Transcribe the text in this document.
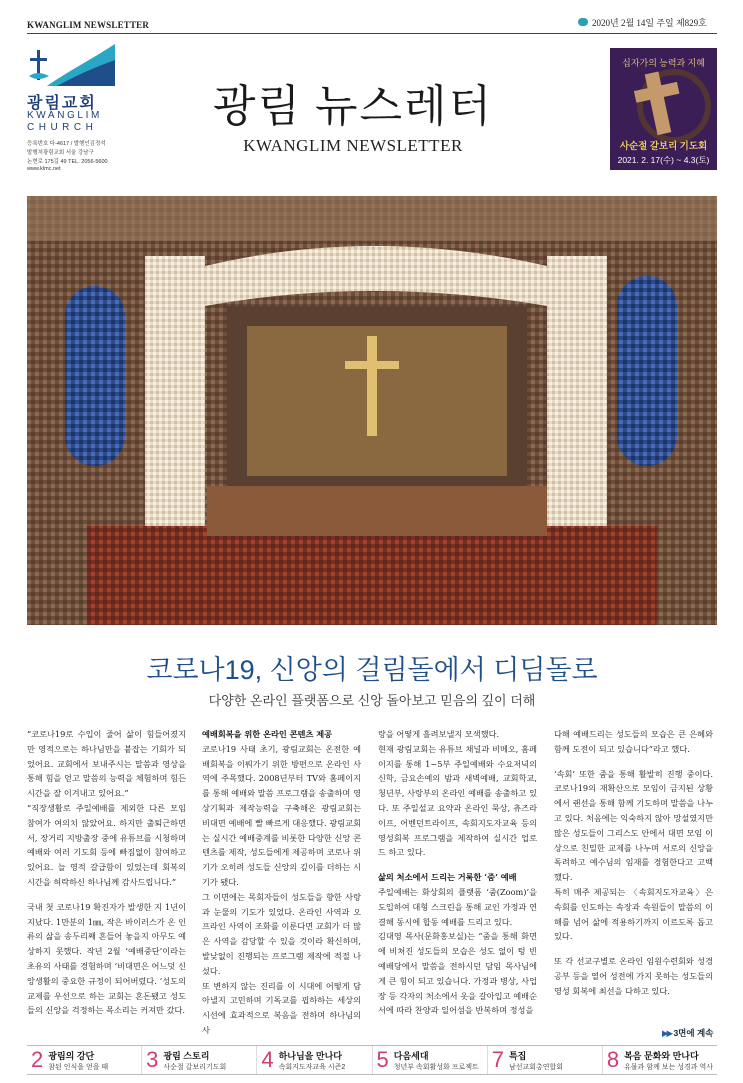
KWANGLIM NEWSLETTER	2020년 2월 14일 주일 제829호
광림교회
KWANGLIM
CHURCH
등록번호 다-4617 / 발행인김정석
발행처광림교회 서울 강남구
논현로 175길 49 TEL. 2056-5600
www.klmc.net
광림 뉴스레터
KWANGLIM NEWSLETTER
십자가의 능력과 지혜
사순절 갈보리 기도회
2021. 2. 17(수) ~ 4.3(토)
코로나19, 신앙의 걸림돌에서 디딤돌로
다양한 온라인 플랫폼으로 신앙 돌아보고 믿음의 깊이 더해

“코로나19로 수입이 줄어 삶이 힘들어졌지만 영적으로는 하나님만을 붙잡는 기회가 되었어요. 교회에서 보내주시는 말씀과 영상을 통해 힘을 얻고 말씀의 능력을 체험하며 힘든 시간을 잘 이겨내고 있어요.”

“직장생활로 주일예배를 제외한 다른 모임 참여가 여의치 않았어요. 하지만 출퇴근하면서, 장거리 지방출장 중에 유튜브를 시청하며 예배와 여러 기도회 등에 빠짐없이 참여하고 있어요. 늘 영적 갈급함이 있었는데 회복의 시간을 허락하신 하나님께 감사드립니다.”

국내 첫 코로나19 확진자가 발생한 지 1년이 지났다. 1만분의 1㎜, 작은 바이러스가 온 인류의 삶을 송두리째 흔들어 놓을지 아무도 예상하지 못했다. 작년 2월 ‘예배중단’이라는 초유의 사태를 경험하며 ‘비대면은 어느덧 신앙생활의 중요한 규정이 되어버렸다. ‘성도의 교제를 우선으로 하는 교회는 혼돈됐고 성도들의 신앙을 걱정하는 목소리는 커져만 갔다.

예배회복을 위한 온라인 콘텐츠 제공

코로나19 사태 초기, 광림교회는 온전한 예배회복을 이뤄가기 위한 방편으로 온라인 사역에 주목했다. 2008년부터 TV와 홈페이지를 통해 예배와 말씀 프로그램을 송출하며 영상기획과 제작능력을 구축해온 광림교회는 비대면 예배에 빨 빠르게 대응했다. 광림교회는 실시간 예배중계를 비롯한 다양한 신앙 콘텐츠를 제작, 성도들에게 제공하며 코로나 위기가 오히려 성도들 신앙의 깊이를 더하는 시기가 됐다.

그 이면에는 목회자들이 성도들을 향한 사랑과 눈물의 기도가 있었다. 온라인 사역과 오프라인 사역이 조화를 이룬다면 교회가 더 많은 사역을 감당할 수 있을 것이라 확신하며, 발낮없이 진행되는 프로그램 제작에 적절 나섰다.

또 변하지 않는 진리를 이 시대에 어떻게 담아낼지 고민하며 기독교를 핍하하는 세상의 시선에 효과적으로 복음을 전하며 하나님의 사

랑을 어떻게 흘려보낼지 모색했다.

현재 광림교회는 유튜브 채널과 비메오, 홈페이지를 통해 1~5부 주일예배와 수요저녁의 신학, 금요손예의 밤과 새벽예배, 교회학교, 청년부, 사랑부의 온라인 예배를 송출하고 있다. 또 주일설교 요약과 온라인 묵상, 츄즈라이프, 어벤던트라이프, 속회지도자교육 등의 영성회복 프로그램을 제작하여 실시간 업로드 하고 있다.

삶의 처소에서 드리는 거룩한 ‘줌’ 예배

주일예배는 화상회의 플랫폼 ‘줌(Zoom)’을 도입하여 대형 스크린을 통해 교인 가정과 연결해 동시에 합동 예배를 드리고 있다.

김대영 목사(문화홍보실)는 “줌을 통해 화면에 비쳐진 성도들의 모습은 성도 없이 텅 빈 예배당에서 말씀을 전하시던 담임 목사님에게 큰 힘이 되고 있습니다. 가정과 병상, 사업장 등 각자의 처소에서 옷을 갈아입고 예배순서에 따라 찬양과 일어섬을 반복하며 정성을

다해 예배드리는 성도들의 모습은 큰 은혜와 함께 도전이 되고 있습니다”라고 했다.

‘속회’ 또한 줌을 통해 활발히 진행 중이다. 코로나19의 재확산으로 모임이 금지된 상황에서 랜선을 통해 함께 기도하며 말씀을 나누고 있다. 처음에는 익숙하지 않아 망설였지만 많은 성도들이 그리스도 안에서 대면 모임 이상으로 친밀한 교제를 나누며 서로의 신앙을 독려하고 예수님의 임재를 경험한다고 고백했다.

특히 매주 제공되는 〈속회지도자교육〉은 속회를 인도하는 속장과 속원들이 말씀의 이해를 넘어 삶에 적용하기까지 이르도록 돕고 있다.

또 각 선교구별로 온라인 임원수련회와 성경공부 등을 열어 성전에 가지 못하는 성도들의 영성 회복에 최선을 다하고 있다.

▶▶ 3면에 계속
2 광림의 강단
참된 인식을 얻을 때 3 광림 스토리
사순절 갈보리기도회 4 하나님을 만나다
속회지도자교육 시즌2 5 다음세대
청년부 속회활성화 프로젝트 7 특집
남선교회총연합회 8 복음 문화와 만나다
유물과 함께 보는 성경과 역사
